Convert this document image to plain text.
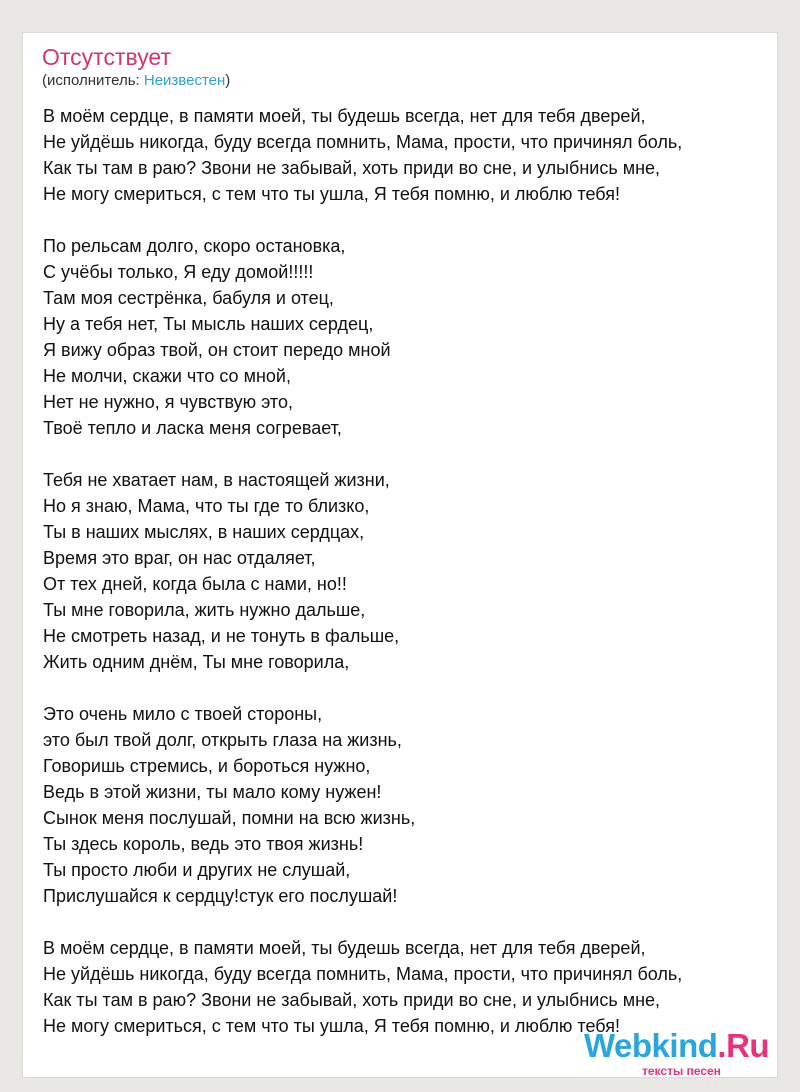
Отсутствует
(исполнитель: Неизвестен)
В моём сердце, в памяти моей, ты будешь всегда, нет для тебя дверей,
Не уйдёшь никогда, буду всегда помнить, Мама, прости, что причинял боль,
Как ты там в раю? Звони не забывай, хоть приди во сне, и улыбнись мне,
Не могу смериться, с тем что ты ушла, Я тебя помню, и люблю тебя!
По рельсам долго, скоро остановка,
С учёбы только, Я еду домой!!!!!
Там моя сестрёнка, бабуля и отец,
Ну а тебя нет, Ты мысль наших сердец,
Я вижу образ твой, он стоит передо мной
Не молчи, скажи что со мной,
Нет не нужно, я чувствую это,
Твоё тепло и ласка меня согревает,
Тебя не хватает нам, в настоящей жизни,
Но я знаю, Мама, что ты где то близко,
Ты в наших мыслях, в наших сердцах,
Время это враг, он нас отдаляет,
От тех дней, когда была с нами, но!!
Ты мне говорила, жить нужно дальше,
Не смотреть назад, и не тонуть в фальше,
Жить одним днём, Ты мне говорила,
Это очень мило с твоей стороны,
это был твой долг, открыть глаза на жизнь,
Говоришь стремись, и бороться нужно,
Ведь в этой жизни, ты мало кому нужен!
Сынок меня послушай, помни на всю жизнь,
Ты здесь король, ведь это твоя жизнь!
Ты просто люби и других не слушай,
Прислушайся к сердцу!стук его послушай!
В моём сердце, в памяти моей, ты будешь всегда, нет для тебя дверей,
Не уйдёшь никогда, буду всегда помнить, Мама, прости, что причинял боль,
Как ты там в раю? Звони не забывай, хоть приди во сне, и улыбнись мне,
Не могу смериться, с тем что ты ушла, Я тебя помню, и люблю тебя!
Webkind.Ru
тексты песен
